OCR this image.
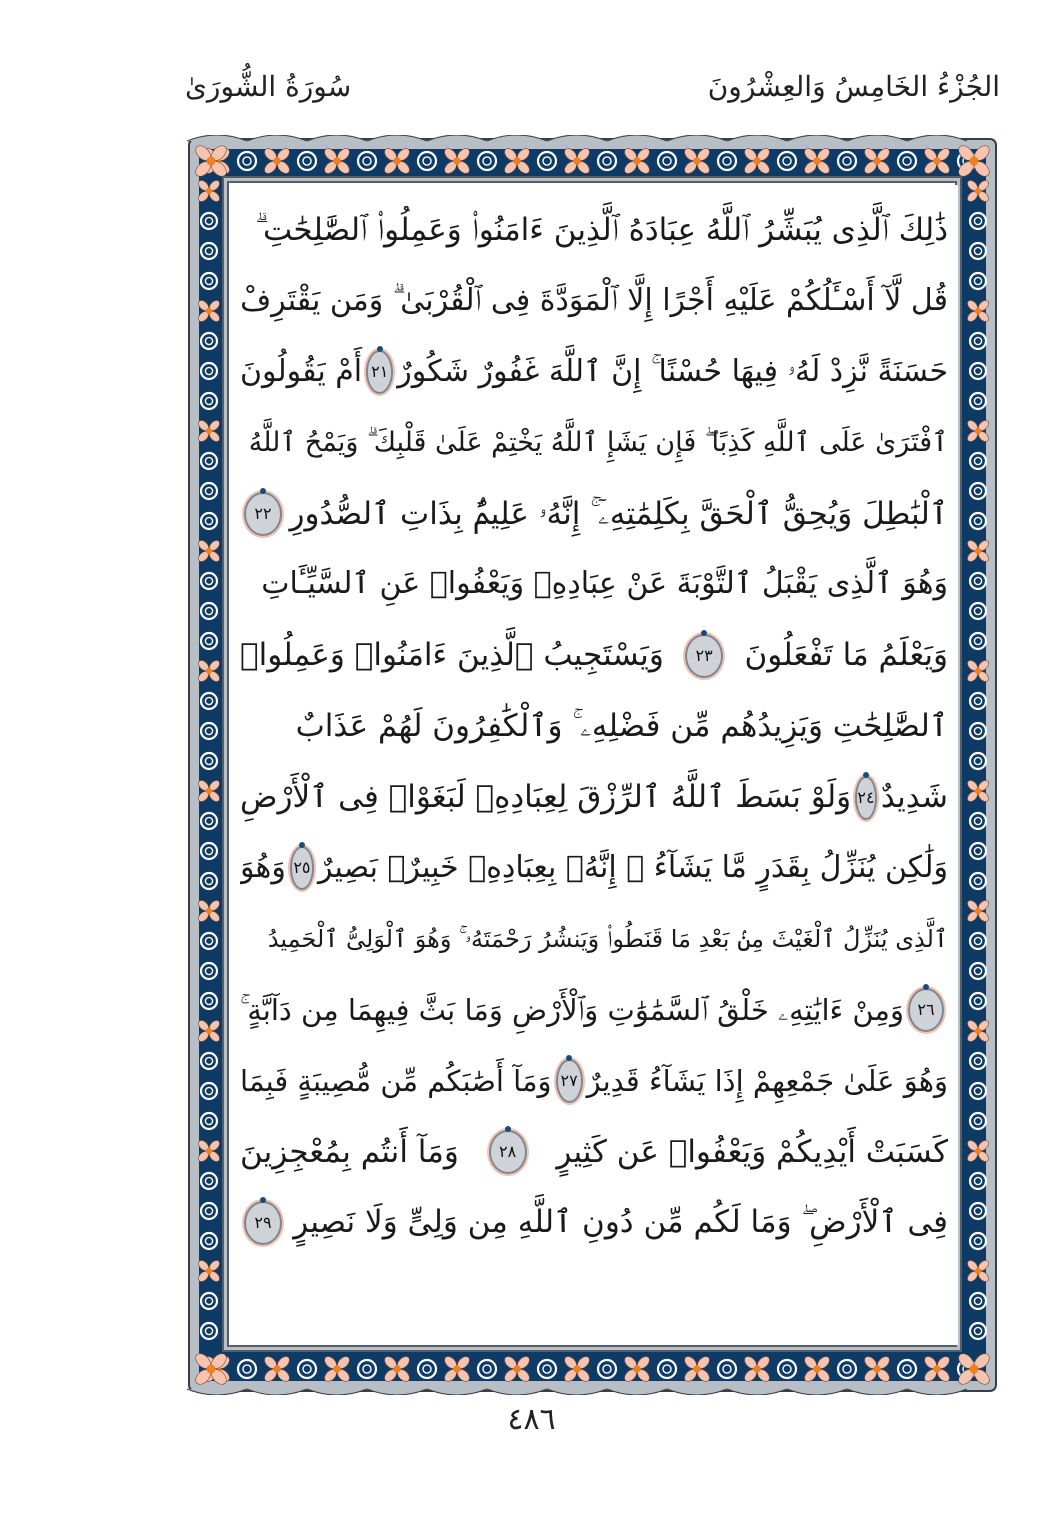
الجُزْءُ الخَامِسُ وَالعِشْرُونَ
سُورَةُ الشُّورَىٰ
ذَٰلِكَ ٱلَّذِى يُبَشِّرُ ٱللَّهُ عِبَادَهُ ٱلَّذِينَ ءَامَنُوا۟ وَعَمِلُوا۟ ٱلصَّٰلِحَٰتِ ۗ
قُل لَّآ أَسْـَٔلُكُمْ عَلَيْهِ أَجْرًا إِلَّا ٱلْمَوَدَّةَ فِى ٱلْقُرْبَىٰ ۗ وَمَن يَقْتَرِفْ
حَسَنَةً نَّزِدْ لَهُۥ فِيهَا حُسْنًا ۚ إِنَّ ٱللَّهَ غَفُورٌ شَكُورٌ
٢١
أَمْ يَقُولُونَ
ٱفْتَرَىٰ عَلَى ٱللَّهِ كَذِبًا ۖ فَإِن يَشَإِ ٱللَّهُ يَخْتِمْ عَلَىٰ قَلْبِكَ ۗ وَيَمْحُ ٱللَّهُ
ٱلْبَٰطِلَ وَيُحِقُّ ٱلْحَقَّ بِكَلِمَٰتِهِۦٓ ۚ إِنَّهُۥ عَلِيمٌۢ بِذَاتِ ٱلصُّدُورِ
٢٢
وَهُوَ ٱلَّذِى يَقْبَلُ ٱلتَّوْبَةَ عَنْ عِبَادِهِۦ وَيَعْفُوا۟ عَنِ ٱلسَّيِّـَٔاتِ
وَيَعْلَمُ مَا تَفْعَلُونَ
٢٣
وَيَسْتَجِيبُ ٱلَّذِينَ ءَامَنُوا۟ وَعَمِلُوا۟
ٱلصَّٰلِحَٰتِ وَيَزِيدُهُم مِّن فَضْلِهِۦ ۚ وَٱلْكَٰفِرُونَ لَهُمْ عَذَابٌ
شَدِيدٌ
٢٤
وَلَوْ بَسَطَ ٱللَّهُ ٱلرِّزْقَ لِعِبَادِهِۦ لَبَغَوْا۟ فِى ٱلْأَرْضِ
وَلَٰكِن يُنَزِّلُ بِقَدَرٍ مَّا يَشَآءُ ۚ إِنَّهُۥ بِعِبَادِهِۦ خَبِيرٌۢ بَصِيرٌ
٢٥
وَهُوَ
ٱلَّذِى يُنَزِّلُ ٱلْغَيْثَ مِنۢ بَعْدِ مَا قَنَطُوا۟ وَيَنشُرُ رَحْمَتَهُۥ ۚ وَهُوَ ٱلْوَلِىُّ ٱلْحَمِيدُ
٢٦
وَمِنْ ءَايَٰتِهِۦ خَلْقُ ٱلسَّمَٰوَٰتِ وَٱلْأَرْضِ وَمَا بَثَّ فِيهِمَا مِن دَآبَّةٍ ۚ
وَهُوَ عَلَىٰ جَمْعِهِمْ إِذَا يَشَآءُ قَدِيرٌ
٢٧
وَمَآ أَصَٰبَكُم مِّن مُّصِيبَةٍ فَبِمَا
كَسَبَتْ أَيْدِيكُمْ وَيَعْفُوا۟ عَن كَثِيرٍ
٢٨
وَمَآ أَنتُم بِمُعْجِزِينَ
فِى ٱلْأَرْضِ ۖ وَمَا لَكُم مِّن دُونِ ٱللَّهِ مِن وَلِىٍّ وَلَا نَصِيرٍ
٢٩
٤٨٦
